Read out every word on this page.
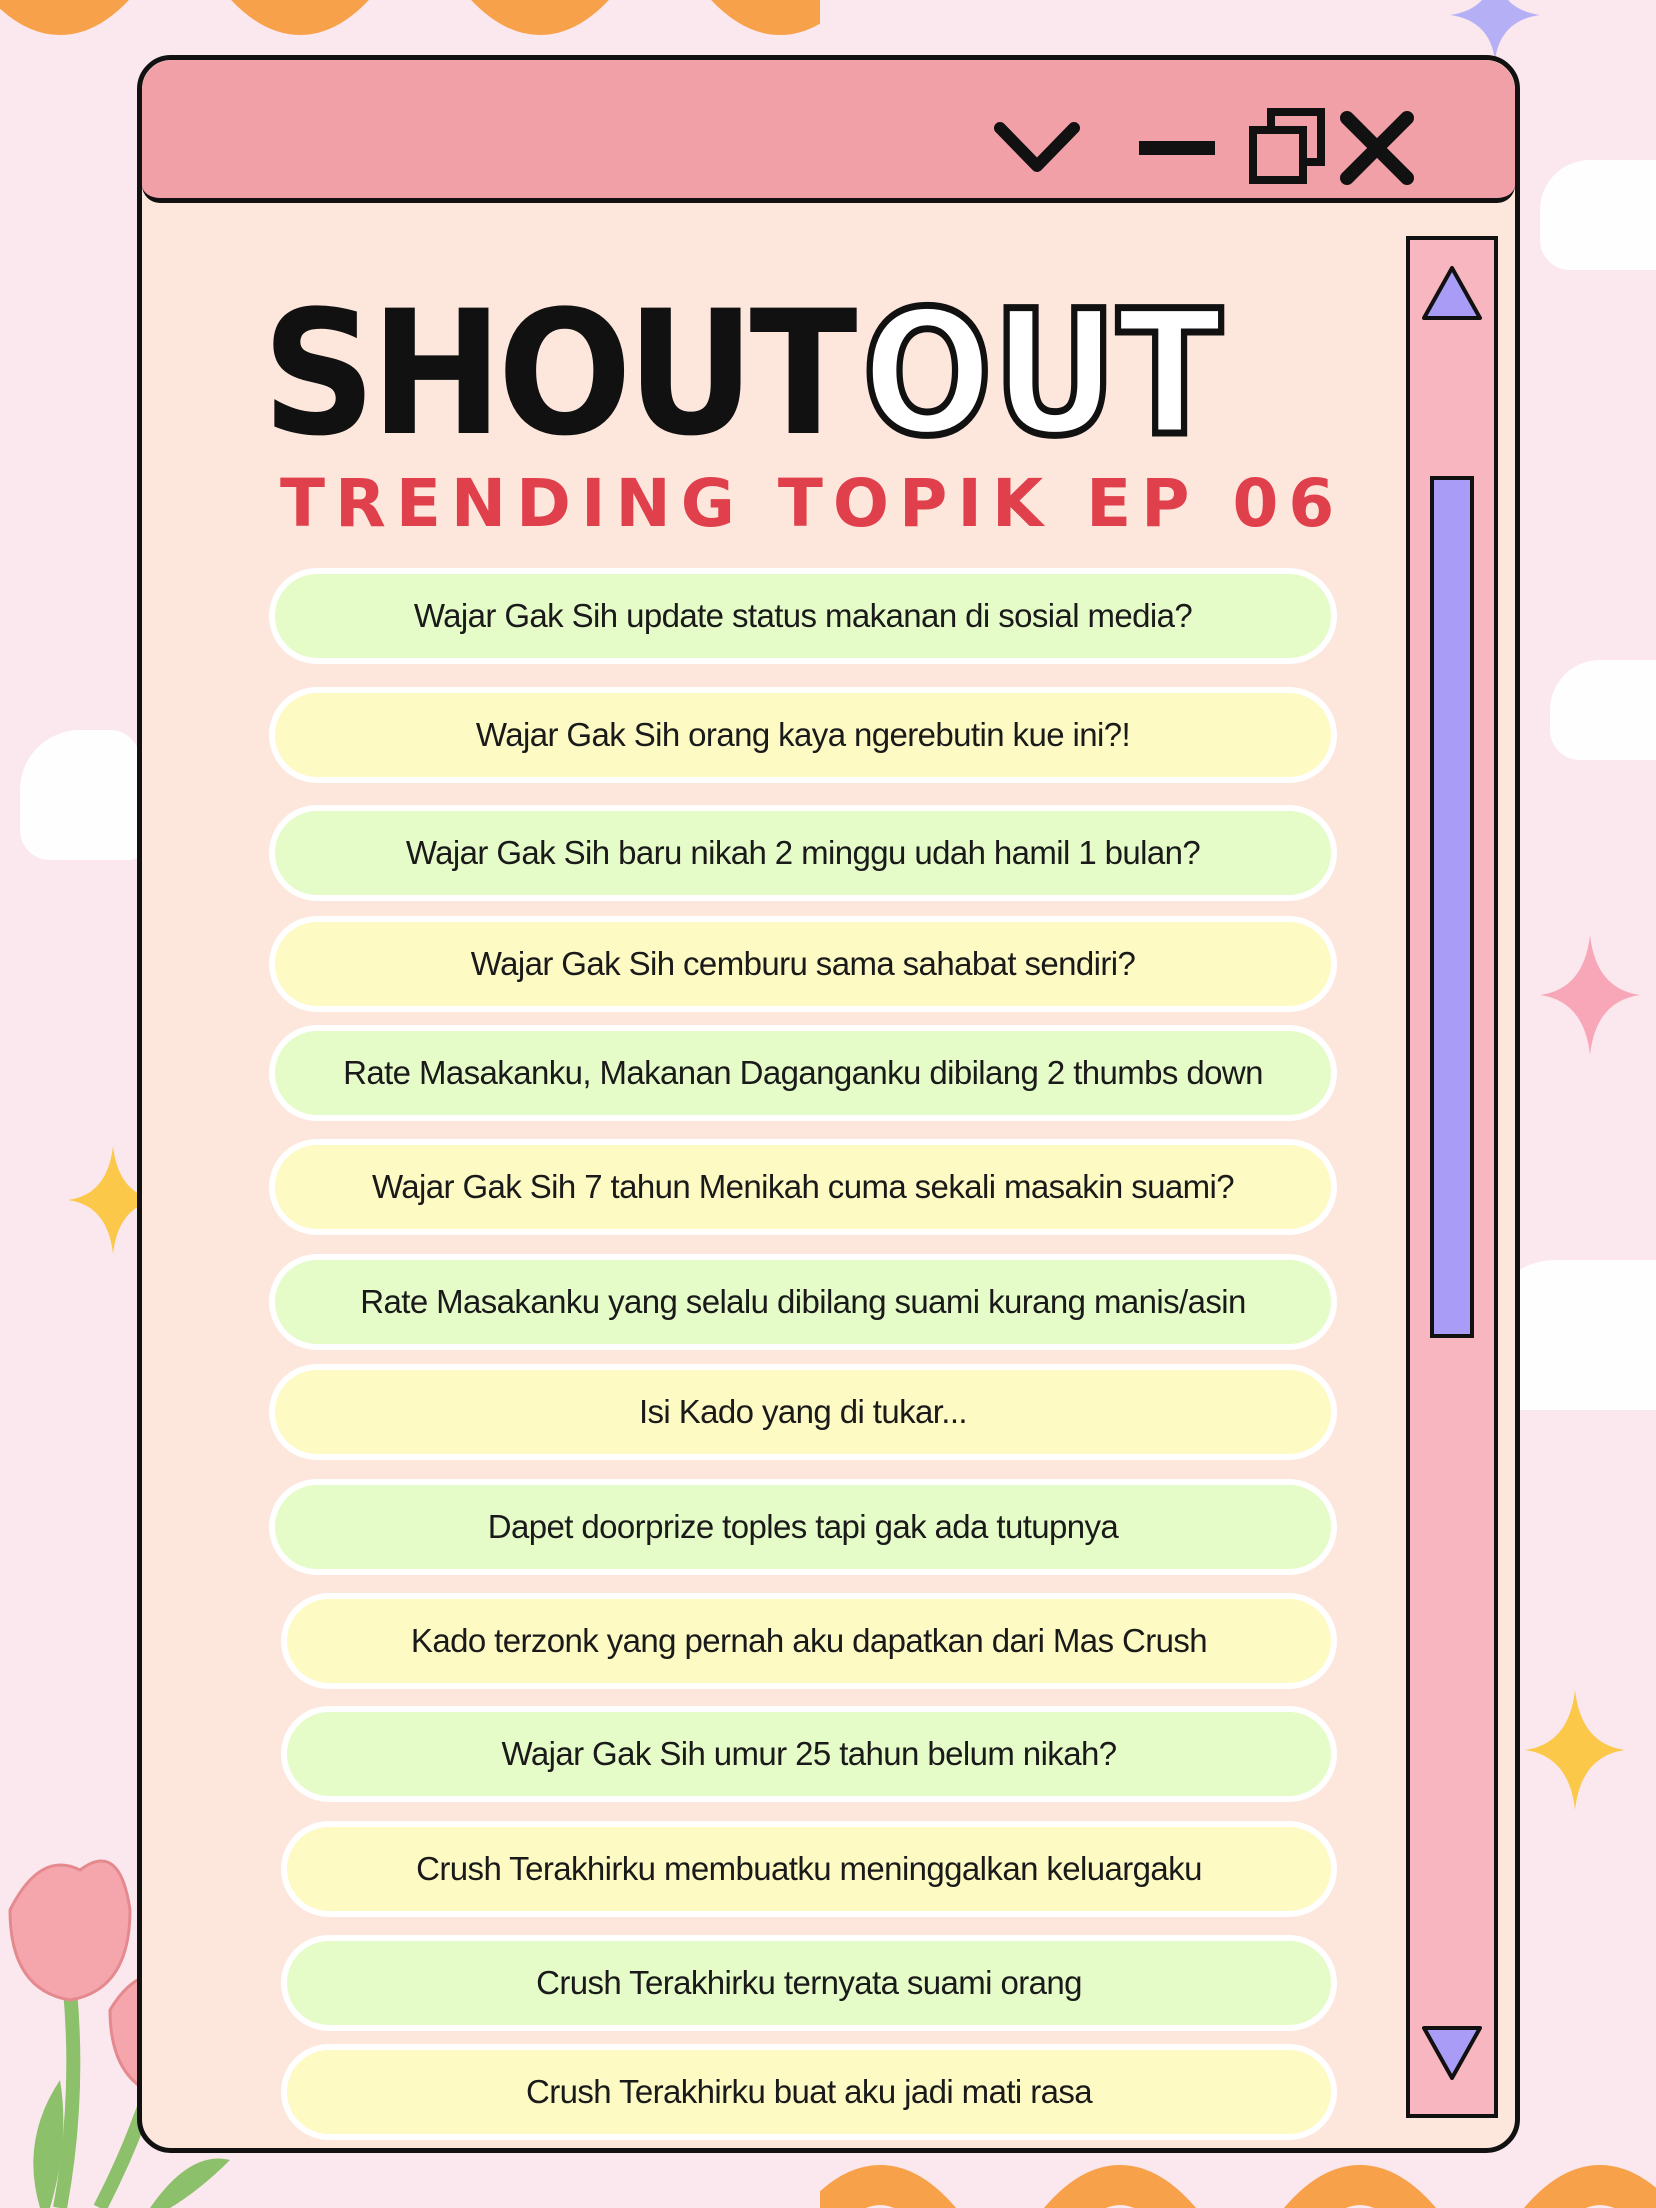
SHOUT OUT
TRENDING TOPIK EP 06
Wajar Gak Sih update status makanan di sosial media?
Wajar Gak Sih orang kaya ngerebutin kue ini?!
Wajar Gak Sih baru nikah 2 minggu udah hamil 1 bulan?
Wajar Gak Sih cemburu sama sahabat sendiri?
Rate Masakanku, Makanan Daganganku dibilang 2 thumbs down
Wajar Gak Sih 7 tahun Menikah cuma sekali masakin suami?
Rate Masakanku yang selalu dibilang suami kurang manis/asin
Isi Kado yang di tukar...
Dapet doorprize toples tapi gak ada tutupnya
Kado terzonk yang pernah aku dapatkan dari Mas Crush
Wajar Gak Sih umur 25 tahun belum nikah?
Crush Terakhirku membuatku meninggalkan keluargaku
Crush Terakhirku ternyata suami orang
Crush Terakhirku buat aku jadi mati rasa
